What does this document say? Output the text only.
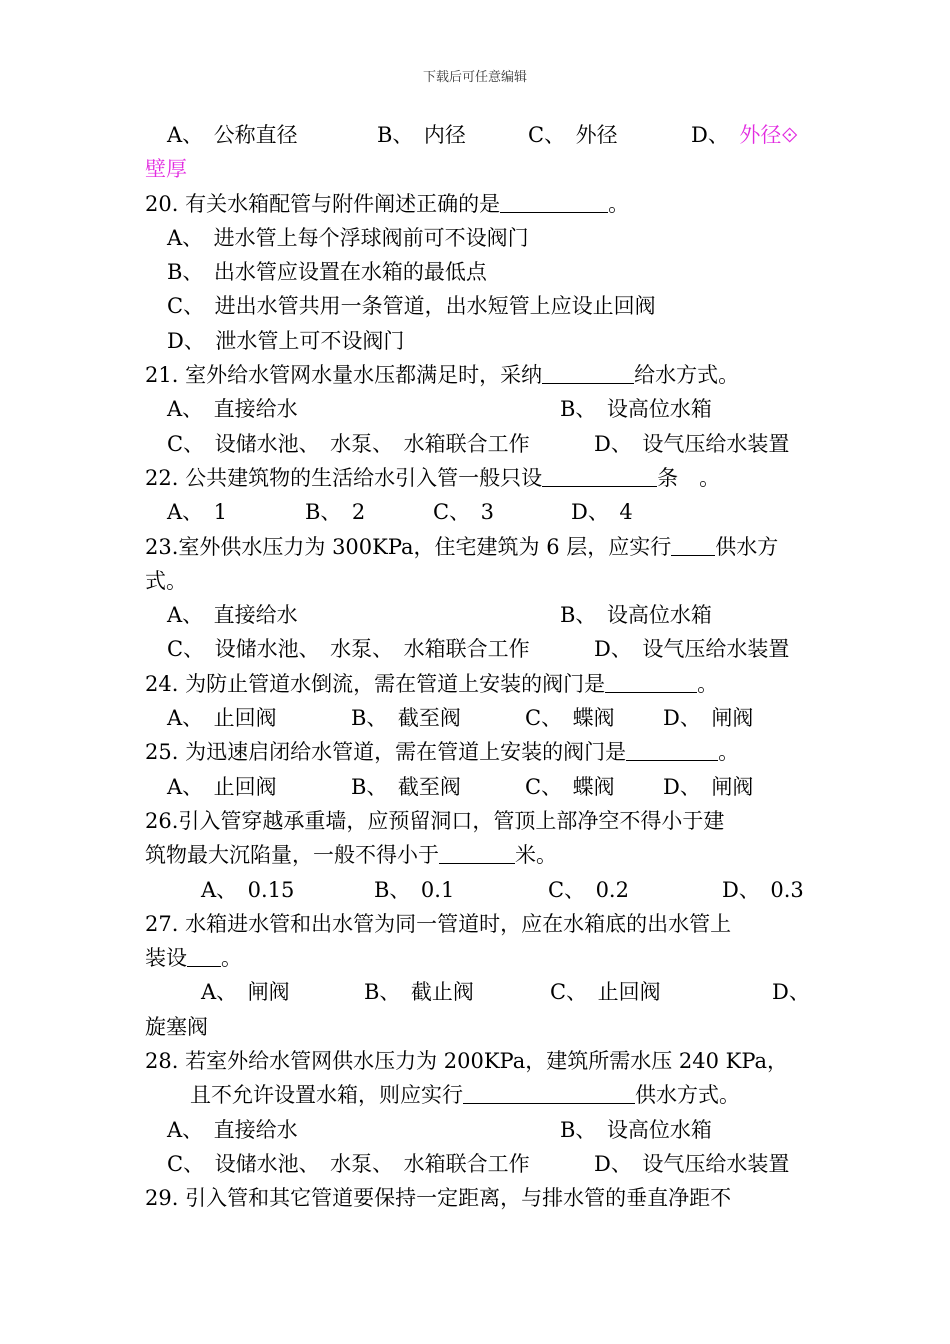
下载后可任意编辑
A、　公称直径	B、　内径	C、　外径	D、　 外径⟐
壁厚
20. 有关水箱配管与附件阐述正确的是	。
A、　进水管上每个浮球阀前可不设阀门
B、　出水管应设置在水箱的最低点
C、　进出水管共用一条管道，出水短管上应设止回阀
D、　泄水管上可不设阀门
21. 室外给水管网水量水压都满足时，采纳	给水方式。
A、　直接给水	B、　设高位水箱
C、　设储水池、　水泵、　水箱联合工作	D、　设气压给水装置
22. 公共建筑物的生活给水引入管一般只设	条　。
A、　1	B、　2	C、　3	D、　4
23.室外供水压力为 300KPa，住宅建筑为 6 层，应实行 供水方
式。
A、　直接给水	B、　设高位水箱
C、　设储水池、　水泵、　水箱联合工作	D、　设气压给水装置
24. 为防止管道水倒流，需在管道上安装的阀门是	。
A、　止回阀	B、　截至阀	C、　蝶阀 D、　闸阀
25. 为迅速启闭给水管道，需在管道上安装的阀门是	。
A、　止回阀	B、　截至阀	C、　蝶阀 D、　闸阀
26.引入管穿越承重墙，应预留洞口，管顶上部净空不得小于建
筑物最大沉陷量，一般不得小于	米。
A、　0.15	B、　0.1	C、　0.2	D、　0.3
27. 水箱进水管和出水管为同一管道时，应在水箱底的出水管上
装设 。
A、　闸阀	B、　截止阀	C、　止回阀	D、
旋塞阀
28. 若室外给水管网供水压力为 200KPa，建筑所需水压 240 KPa，
且不允许设置水箱，则应实行	供水方式。
A、　直接给水	B、　设高位水箱
C、　设储水池、　水泵、　水箱联合工作	D、　设气压给水装置
29. 引入管和其它管道要保持一定距离，与排水管的垂直净距不
